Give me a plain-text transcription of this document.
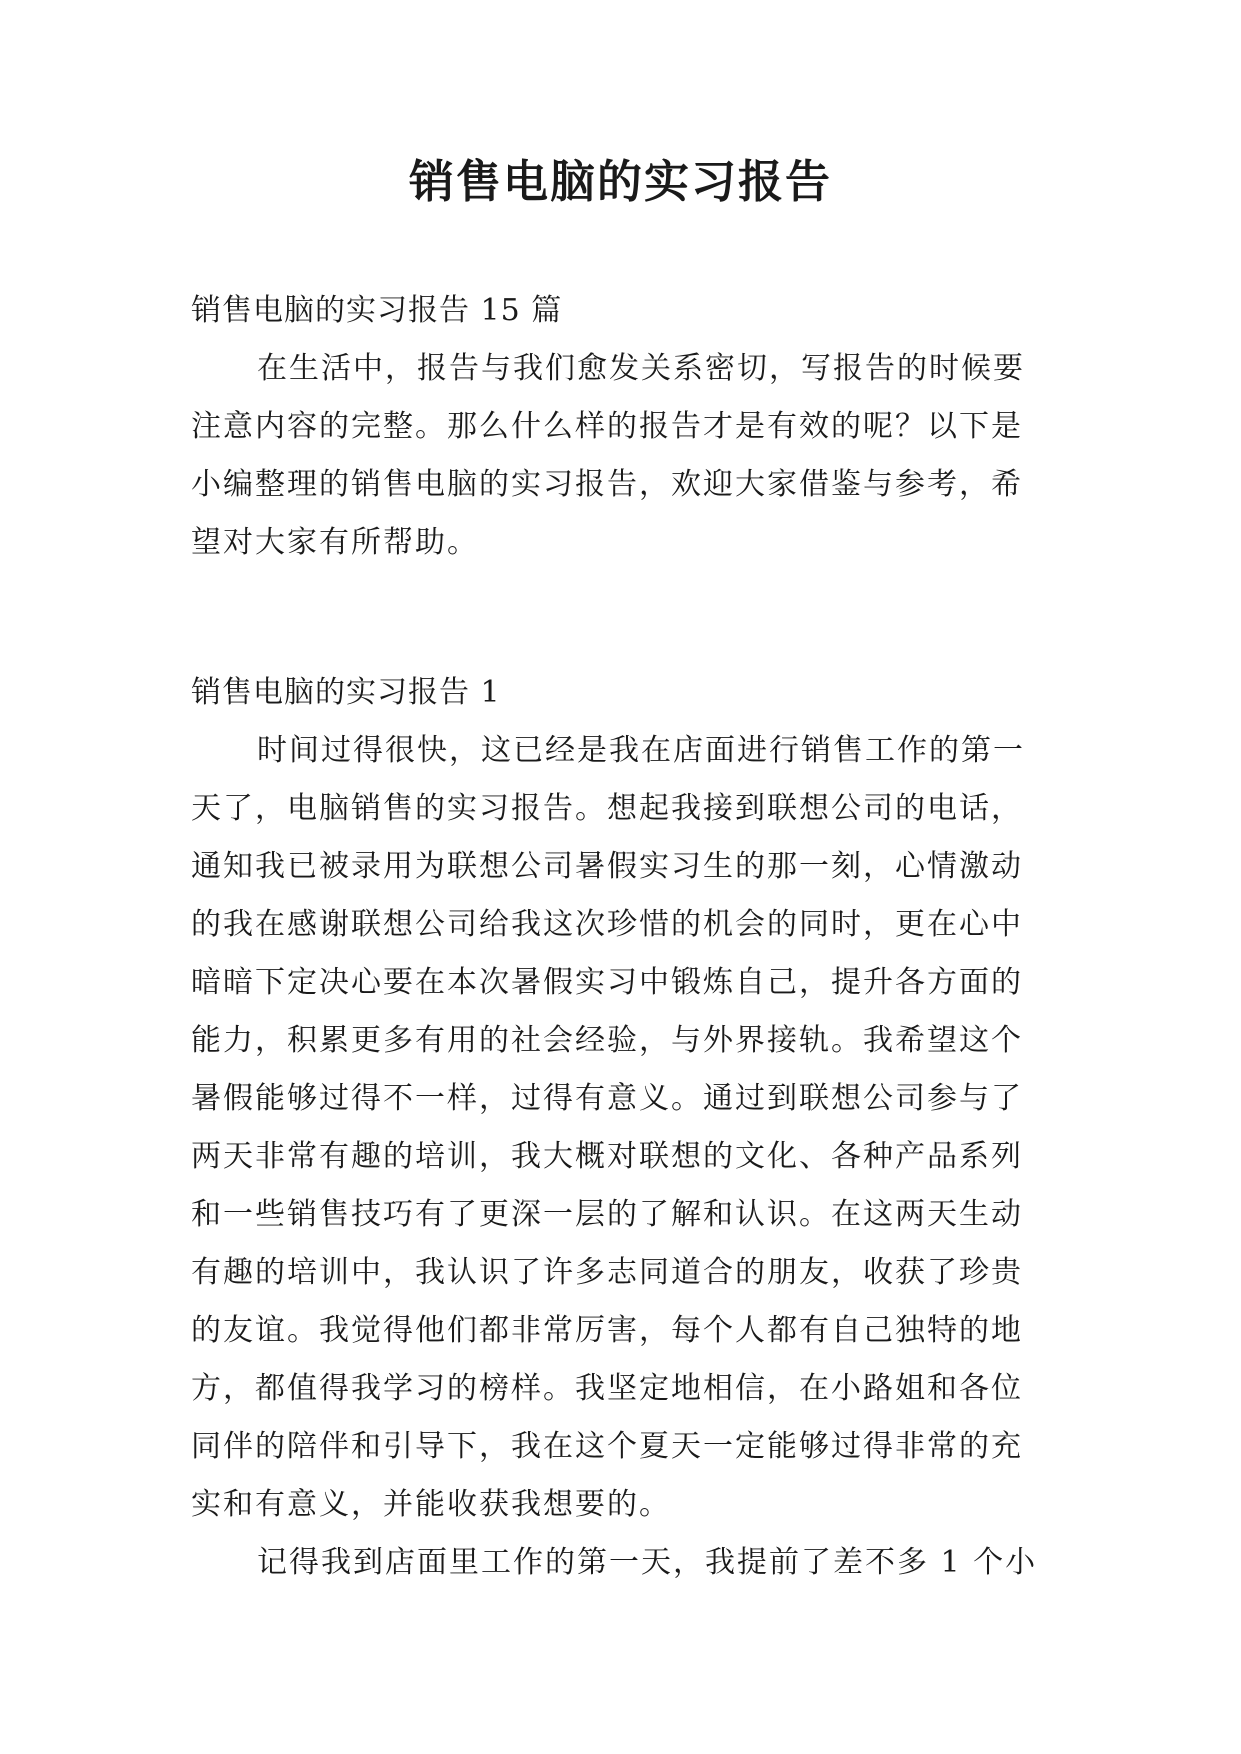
销售电脑的实习报告
销售电脑的实习报告 15 篇
在生活中，报告与我们愈发关系密切，写报告的时候要
注意内容的完整。那么什么样的报告才是有效的呢？以下是
小编整理的销售电脑的实习报告，欢迎大家借鉴与参考，希
望对大家有所帮助。
销售电脑的实习报告 1
时间过得很快，这已经是我在店面进行销售工作的第一
天了，电脑销售的实习报告。想起我接到联想公司的电话，
通知我已被录用为联想公司暑假实习生的那一刻，心情激动
的我在感谢联想公司给我这次珍惜的机会的同时，更在心中
暗暗下定决心要在本次暑假实习中锻炼自己，提升各方面的
能力，积累更多有用的社会经验，与外界接轨。我希望这个
暑假能够过得不一样，过得有意义。通过到联想公司参与了
两天非常有趣的培训，我大概对联想的文化、各种产品系列
和一些销售技巧有了更深一层的了解和认识。在这两天生动
有趣的培训中，我认识了许多志同道合的朋友，收获了珍贵
的友谊。我觉得他们都非常厉害，每个人都有自己独特的地
方，都值得我学习的榜样。我坚定地相信，在小路姐和各位
同伴的陪伴和引导下，我在这个夏天一定能够过得非常的充
实和有意义，并能收获我想要的。
记得我到店面里工作的第一天，我提前了差不多 1 个小
